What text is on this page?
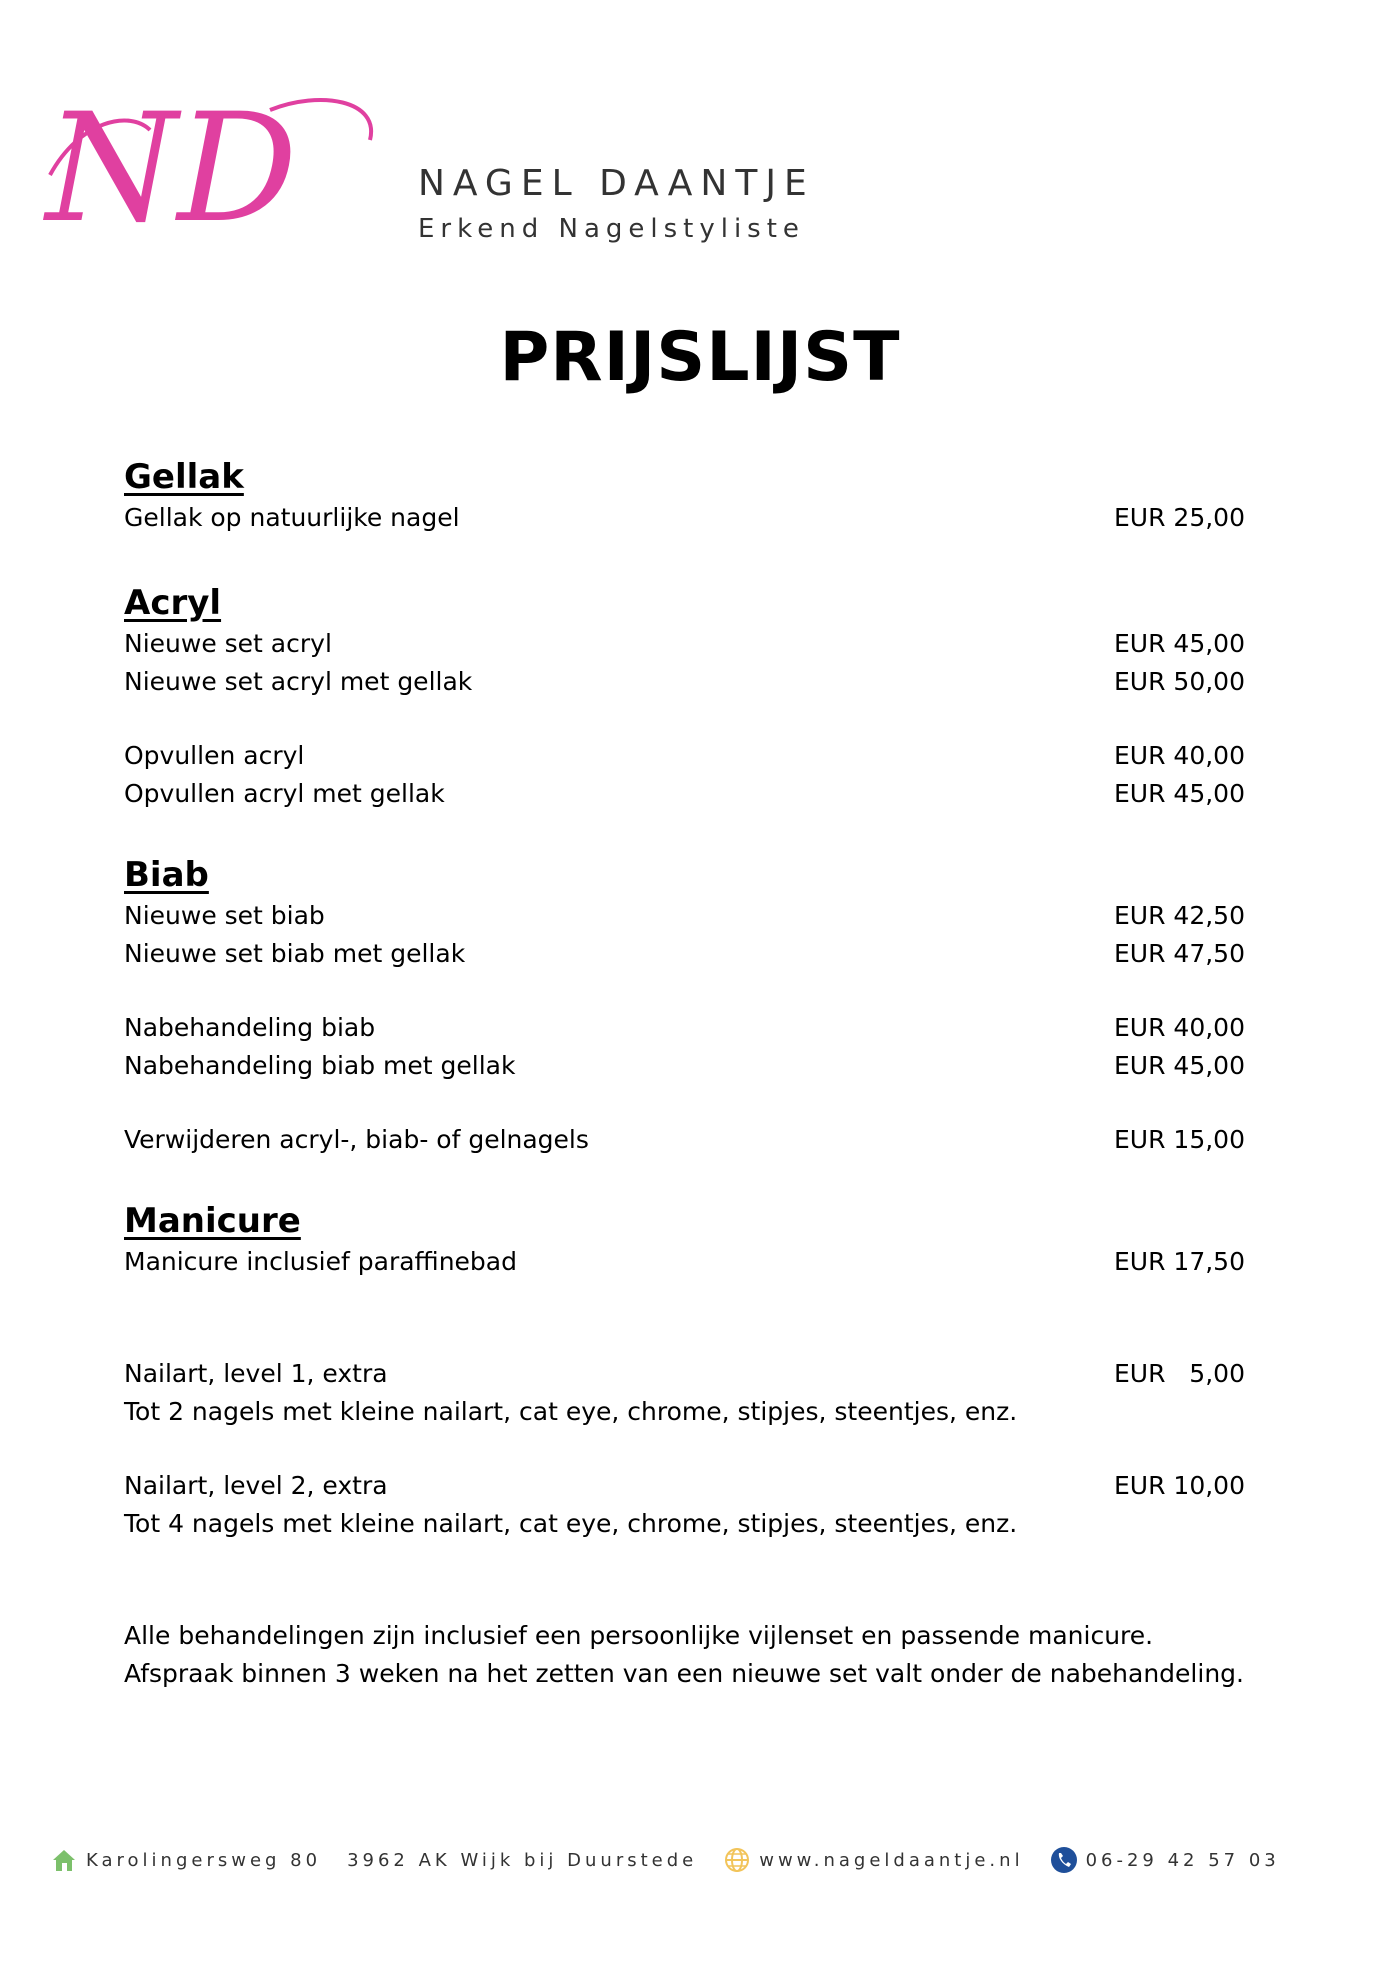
ND	NAGEL DAANTJE
Erkend Nagelstyliste
PRIJSLIJST
Gellak
Gellak op natuurlijke nagel	EUR 25,00
Acryl
Nieuwe set acryl	EUR 45,00
Nieuwe set acryl met gellak	EUR 50,00
Opvullen acryl	EUR 40,00
Opvullen acryl met gellak	EUR 45,00
Biab
Nieuwe set biab	EUR 42,50
Nieuwe set biab met gellak	EUR 47,50
Nabehandeling biab	EUR 40,00
Nabehandeling biab met gellak	EUR 45,00
Verwijderen acryl-, biab- of gelnagels	EUR 15,00
Manicure
Manicure inclusief paraffinebad	EUR 17,50
Nailart, level 1, extra	EUR   5,00
Tot 2 nagels met kleine nailart, cat eye, chrome, stipjes, steentjes, enz.
Nailart, level 2, extra	EUR 10,00
Tot 4 nagels met kleine nailart, cat eye, chrome, stipjes, steentjes, enz.
Alle behandelingen zijn inclusief een persoonlijke vijlenset en passende manicure.
Afspraak binnen 3 weken na het zetten van een nieuwe set valt onder de nabehandeling.
Karolingersweg 80 3962 AK Wijk bij Duurstede	www.nageldaantje.nl	06-29 42 57 03
